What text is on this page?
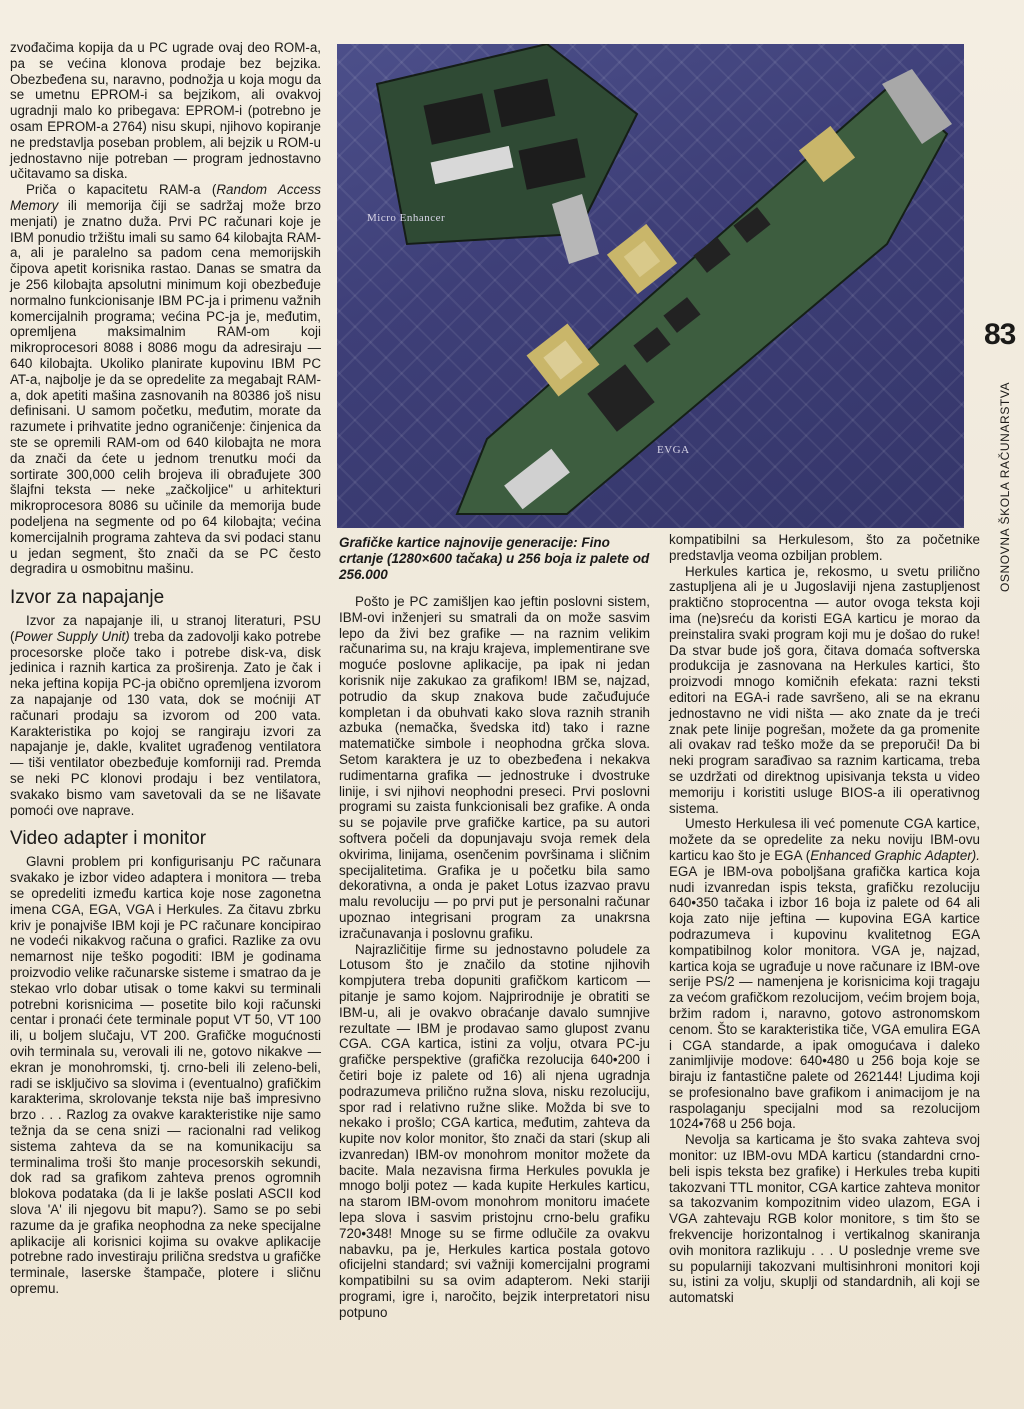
zvođačima kopija da u PC ugrade ovaj deo ROM-a, pa se većina klonova prodaje bez bejzika. Obezbeđena su, naravno, podnožja u koja mogu da se umetnu EPROM-i sa bejzikom, ali ovakvoj ugradnji malo ko pribegava: EPROM-i (potrebno je osam EPROM-a 2764) nisu skupi, njihovo kopiranje ne predstavlja poseban problem, ali bejzik u ROM-u jednostavno nije potreban — program jednostavno učitavamo sa diska.

Priča o kapacitetu RAM-a (Random Access Memory ili memorija čiji se sadržaj može brzo menjati) je znatno duža. Prvi PC računari koje je IBM ponudio tržištu imali su samo 64 kilobajta RAM-a, ali je paralelno sa padom cena memorijskih čipova apetit korisnika rastao. Danas se smatra da je 256 kilobajta apsolutni minimum koji obezbeđuje normalno funkcionisanje IBM PC-ja i primenu važnih komercijalnih programa; većina PC-ja je, međutim, opremljena maksimalnim RAM-om koji mikroprocesori 8088 i 8086 mogu da adresiraju — 640 kilobajta. Ukoliko planirate kupovinu IBM PC AT-a, najbolje je da se opredelite za megabajt RAM-a, dok apetiti mašina zasnovanih na 80386 još nisu definisani. U samom početku, međutim, morate da razumete i prihvatite jedno ograničenje: činjenica da ste se opremili RAM-om od 640 kilobajta ne mora da znači da ćete u jednom trenutku moći da sortirate 300,000 celih brojeva ili obrađujete 300 šlajfni teksta — neke „začkoljice" u arhitekturi mikroprocesora 8086 su učinile da memorija bude podeljena na segmente od po 64 kilobajta; većina komercijalnih programa zahteva da svi podaci stanu u jedan segment, što znači da se PC često degradira u osmobitnu mašinu.

Izvor za napajanje

Izvor za napajanje ili, u stranoj literaturi, PSU (Power Supply Unit) treba da zadovolji kako potrebe procesorske ploče tako i potrebe disk-va, disk jedinica i raznih kartica za proširenja. Zato je čak i neka jeftina kopija PC-ja obično opremljena izvorom za napajanje od 130 vata, dok se moćniji AT računari prodaju sa izvorom od 200 vata. Karakteristika po kojoj se rangiraju izvori za napajanje je, dakle, kvalitet ugrađenog ventilatora — tiši ventilator obezbeđuje komforniji rad. Premda se neki PC klonovi prodaju i bez ventilatora, svakako bismo vam savetovali da se ne lišavate pomoći ove naprave.

Video adapter i monitor

Glavni problem pri konfigurisanju PC računara svakako je izbor video adaptera i monitora — treba se opredeliti između kartica koje nose zagonetna imena CGA, EGA, VGA i Herkules. Za čitavu zbrku kriv je ponajviše IBM koji je PC računare koncipirao ne vodeći nikakvog računa o grafici. Razlike za ovu nemarnost nije teško pogoditi: IBM je godinama proizvodio velike računarske sisteme i smatrao da je stekao vrlo dobar utisak o tome kakvi su terminali potrebni korisnicima — posetite bilo koji računski centar i pronaći ćete terminale poput VT 50, VT 100 ili, u boljem slučaju, VT 200. Grafičke mogućnosti ovih terminala su, verovali ili ne, gotovo nikakve — ekran je monohromski, tj. crno-beli ili zeleno-beli, radi se isključivo sa slovima i (eventualno) grafičkim karakterima, skrolovanje teksta nije baš impresivno brzo . . . Razlog za ovakve karakteristike nije samo težnja da se cena snizi — racionalni rad velikog sistema zahteva da se na komunikaciju sa terminalima troši što manje procesorskih sekundi, dok rad sa grafikom zahteva prenos ogromnih blokova podataka (da li je lakše poslati ASCII kod slova 'A' ili njegovu bit mapu?). Samo se po sebi razume da je grafika neophodna za neke specijalne aplikacije ali korisnici kojima su ovakve aplikacije potrebne rado investiraju priličnа sredstva u grafičke terminale, laserske štampače, plotere i sličnu opremu.

Micro Enhancer
EVGA
Grafičke kartice najnovije generacije: Fino crtanje (1280×600 tačaka) u 256 boja iz palete od 256.000

Pošto je PC zamišljen kao jeftin poslovni sistem, IBM-ovi inženjeri su smatrali da on može sasvim lepo da živi bez grafike — na raznim velikim računarima su, na kraju krajeva, implementirane sve moguće poslovne aplikacije, pa ipak ni jedan korisnik nije zakukao za grafikom! IBM se, najzad, potrudio da skup znakova bude začuđujuće kompletan i da obuhvati kako slova raznih stranih azbuka (nemačka, švedska itd) tako i razne matematičke simbole i neophodna grčka slova. Setom karaktera je uz to obezbeđena i nekakva rudimentarna grafika — jednostruke i dvostruke linije, i svi njihovi neophodni preseci. Prvi poslovni programi su zaista funkcionisali bez grafike. A onda su se pojavile prve grafičke kartice, pa su autori softvera počeli da dopunjavaju svoja remek dela okvirima, linijama, osenčenim površinama i sličnim specijalitetima. Grafika je u početku bila samo dekorativna, a onda je paket Lotus izazvao pravu malu revoluciju — po prvi put je personalni računar upoznao integrisani program za unakrsna izračunavanja i poslovnu grafiku.

Najrazličitije firme su jednostavno poludele za Lotusom što je značilo da stotine njihovih kompjutera treba dopuniti grafičkom karticom — pitanje je samo kojom. Najprirodnije je obratiti se IBM-u, ali je ovakvo obraćanje davalo sumnjive rezultate — IBM je prodavao samo glupost zvanu CGA. CGA kartica, istini za volju, otvara PC-ju grafičke perspektive (grafička rezolucija 640•200 i četiri boje iz palete od 16) ali njena ugradnja podrazumeva prilično ružna slova, nisku rezoluciju, spor rad i relativno ružne slike. Možda bi sve to nekako i prošlo; CGA kartica, međutim, zahteva da kupite nov kolor monitor, što znači da stari (skup ali izvanredan) IBM-ov monohrom monitor možete da bacite. Mala nezavisna firma Herkules povukla je mnogo bolji potez — kada kupite Herkules karticu, na starom IBM-ovom monohrom monitoru imaćete lepa slova i sasvim pristojnu crno-belu grafiku 720•348! Mnoge su se firme odlučile za ovakvu nabavku, pa je, Herkules kartica postala gotovo oficijelni standard; svi važniji komercijalni programi kompatibilni su sa ovim adapterom. Neki stariji programi, igre i, naročito, bejzik interpretatori nisu potpuno

kompatibilni sa Herkulesom, što za početnike predstavlja veoma ozbiljan problem.

Herkules kartica je, rekosmo, u svetu prilično zastupljena ali je u Jugoslaviji njena zastupljenost praktično stoprocentna — autor ovoga teksta koji ima (ne)sreću da koristi EGA karticu je morao da preinstalira svaki program koji mu je došao do ruke! Da stvar bude još gora, čitava domaća softverska produkcija je zasnovana na Herkules kartici, što proizvodi mnogo komičnih efekata: razni teksti editori na EGA-i rade savršeno, ali se na ekranu jednostavno ne vidi ništa — ako znate da je treći znak pete linije pogrešan, možete da ga promenite ali ovakav rad teško može da se preporuči! Da bi neki program sarađivao sa raznim karticama, treba se uzdržati od direktnog upisivanja teksta u video memoriju i koristiti usluge BIOS-a ili operativnog sistema.

Umesto Herkulesa ili već pomenute CGA kartice, možete da se opredelite za neku noviju IBM-ovu karticu kao što je EGA (Enhanced Graphic Adapter). EGA je IBM-ova poboljšana grafička kartica koja nudi izvanredan ispis teksta, grafičku rezoluciju 640•350 tačaka i izbor 16 boja iz palete od 64 ali koja zato nije jeftina — kupovina EGA kartice podrazumeva i kupovinu kvalitetnog EGA kompatibilnog kolor monitora. VGA je, najzad, kartica koja se ugrađuje u nove računare iz IBM-ove serije PS/2 — namenjena je korisnicima koji tragaju za većom grafičkom rezolucijom, većim brojem boja, bržim radom i, naravno, gotovo astronomskom cenom. Što se karakteristika tiče, VGA emulira EGA i CGA standarde, a ipak omogućava i daleko zanimljivije modove: 640•480 u 256 boja koje se biraju iz fantastične palete od 262144! Ljudima koji se profesionalno bave grafikom i animacijom je na raspolaganju specijalni mod sa rezolucijom 1024•768 u 256 boja.

Nevolja sa karticama je što svaka zahteva svoj monitor: uz IBM-ovu MDA karticu (standardni crno-beli ispis teksta bez grafike) i Herkules treba kupiti takozvani TTL monitor, CGA kartice zahteva monitor sa takozvanim kompozitnim video ulazom, EGA i VGA zahtevaju RGB kolor monitore, s tim što se frekvencije horizontalnog i vertikalnog skaniranja ovih monitora razlikuju . . . U poslednje vreme sve su popularniji takozvani multisinhroni monitori koji su, istini za volju, skuplji od standardnih, ali koji se automatski

83
OSNOVNA ŠKOLA RAČUNARSTVA
